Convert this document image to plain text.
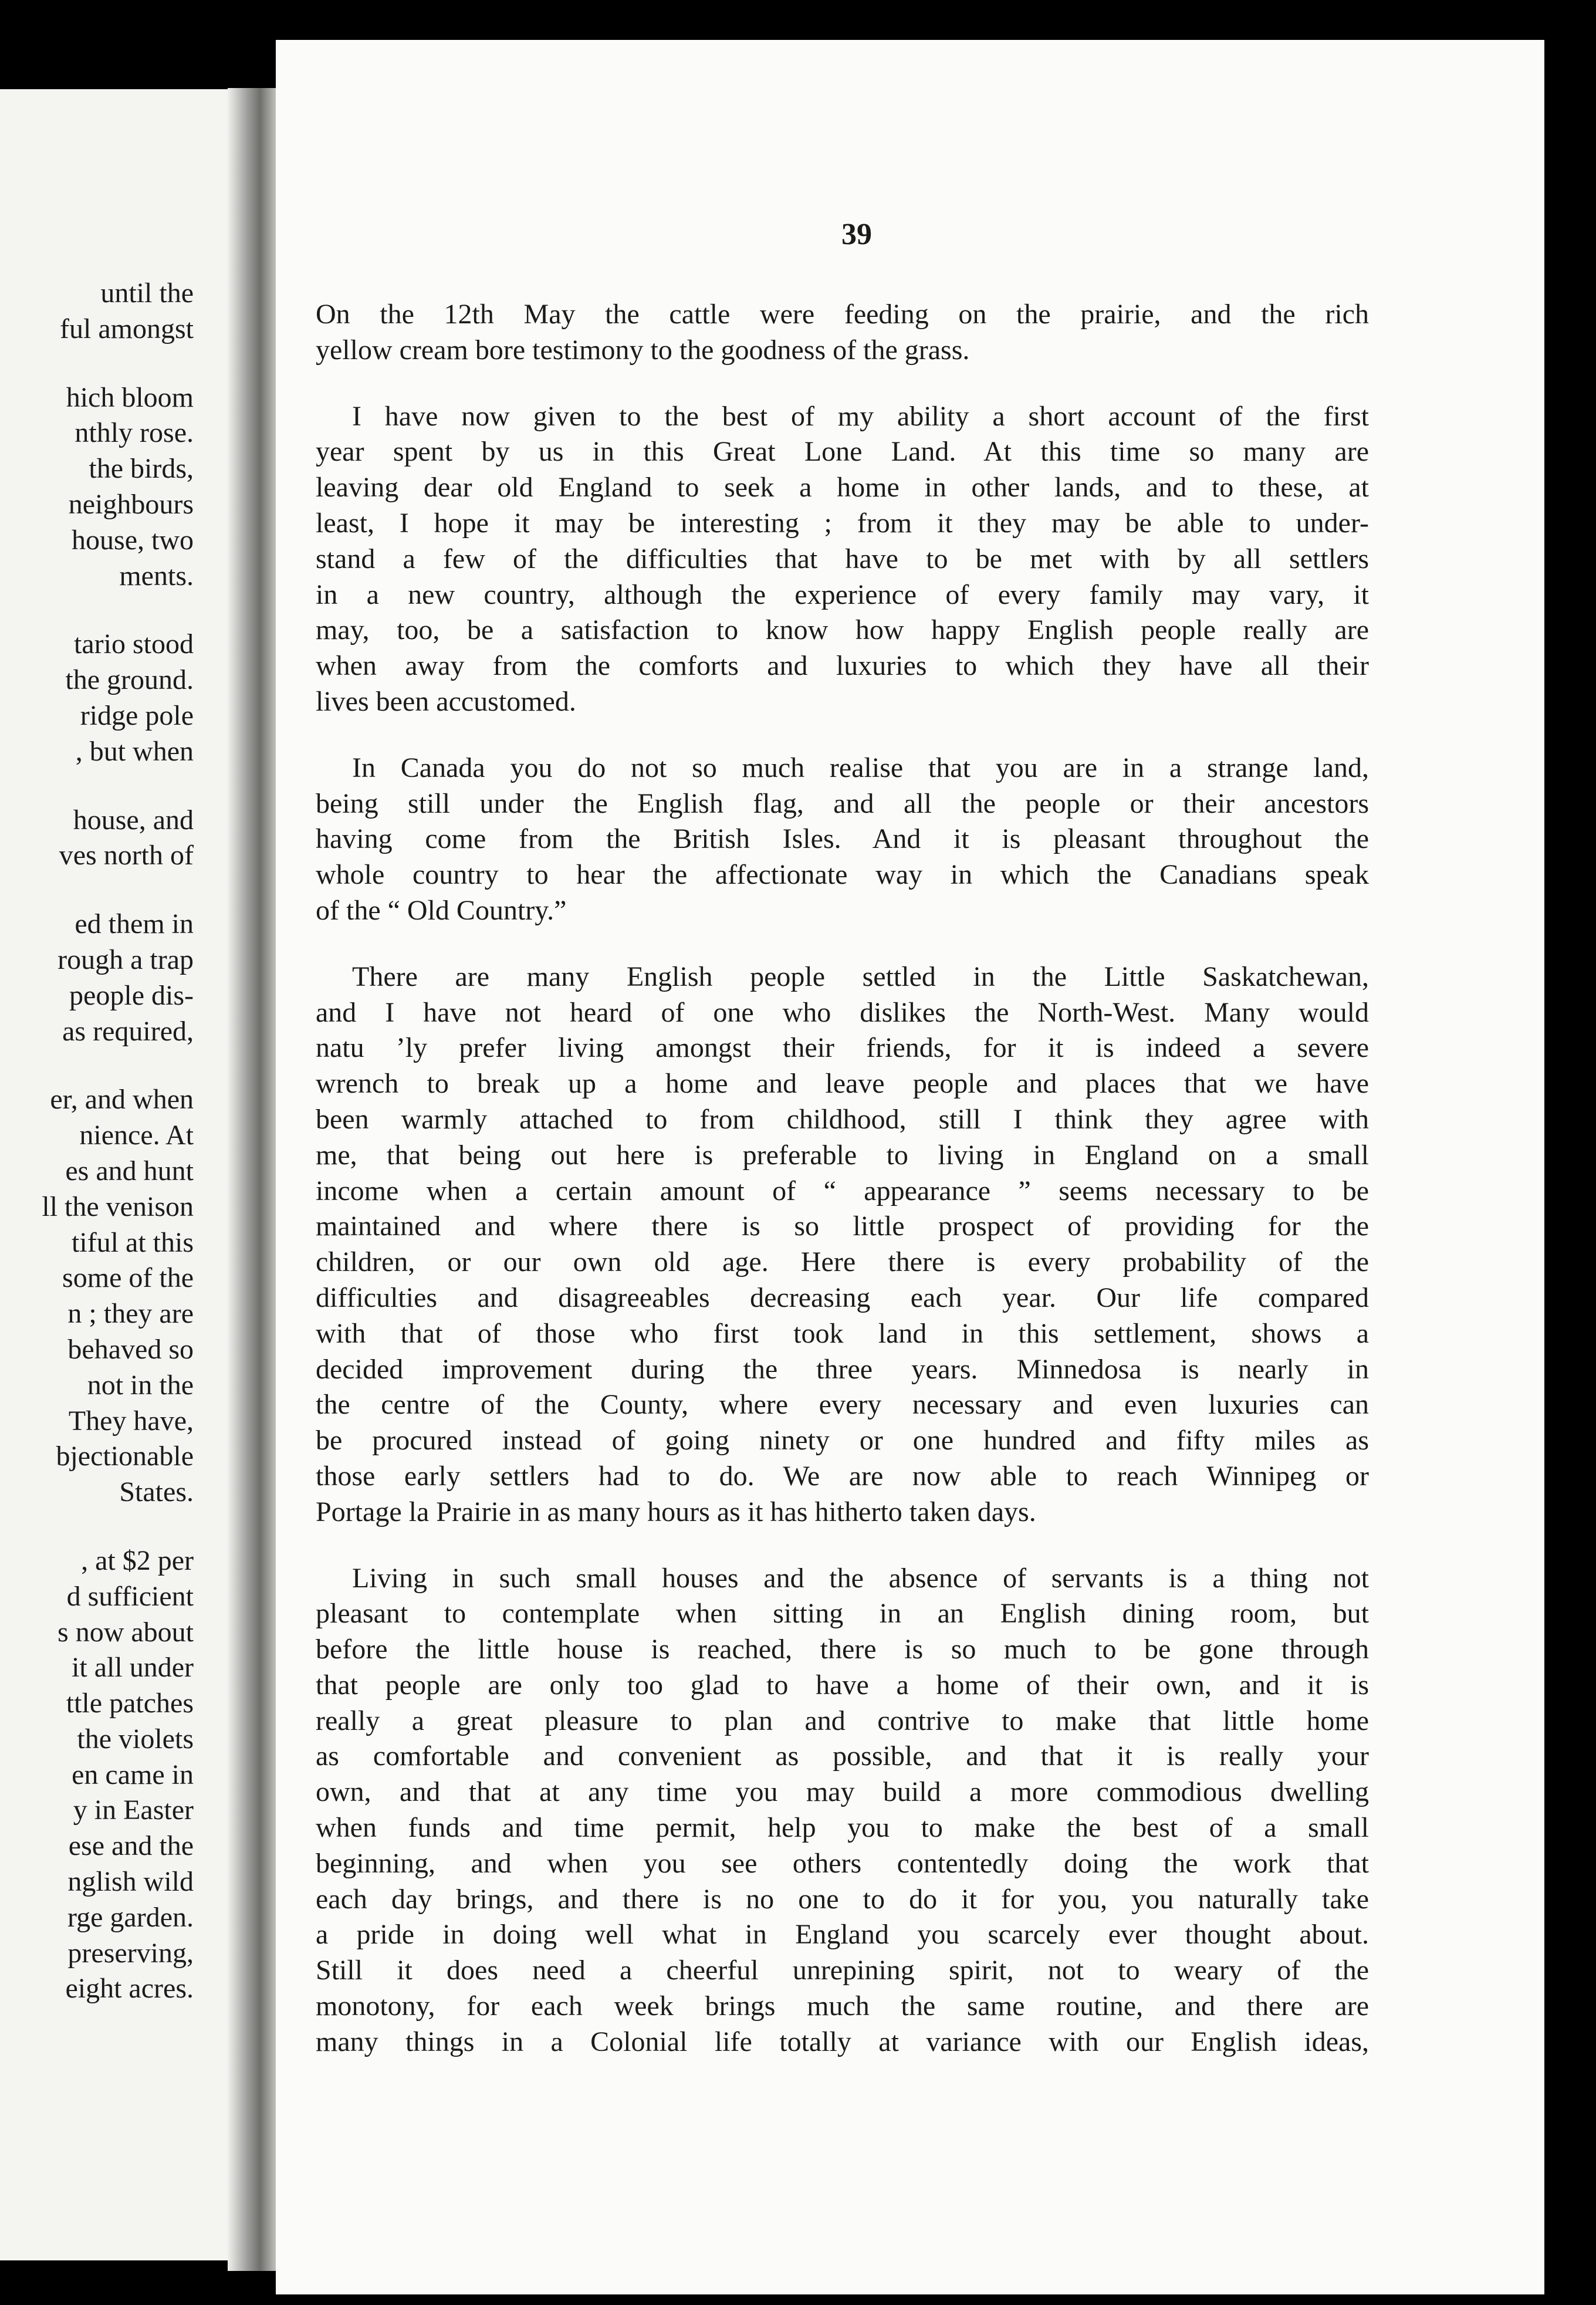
until the
ful amongst
hich bloom
nthly rose.
the birds,
neighbours
house, two
ments.
tario stood
the ground.
ridge pole
, but when
house, and
ves north of
ed them in
rough a trap
people dis-
as required,
er, and when
nience. At
es and hunt
ll the venison
tiful at this
some of the
n ; they are
behaved so
not in the
They have,
bjectionable
States.
, at $2 per
d sufficient
s now about
it all under
ttle patches
the violets
en came in
y in Easter
ese and the
nglish wild
rge garden.
preserving,
eight acres.
39

On the 12th May the cattle were feeding on the prairie, and the rich
yellow cream bore testimony to the goodness of the grass.

I have now given to the best of my ability a short account of the first
year spent by us in this Great Lone Land. At this time so many are
leaving dear old England to seek a home in other lands, and to these, at
least, I hope it may be interesting ; from it they may be able to under-
stand a few of the difficulties that have to be met with by all settlers
in a new country, although the experience of every family may vary, it
may, too, be a satisfaction to know how happy English people really are
when away from the comforts and luxuries to which they have all their
lives been accustomed.

In Canada you do not so much realise that you are in a strange land,
being still under the English flag, and all the people or their ancestors
having come from the British Isles. And it is pleasant throughout the
whole country to hear the affectionate way in which the Canadians speak
of the “ Old Country.”

There are many English people settled in the Little Saskatchewan,
and I have not heard of one who dislikes the North-West. Many would
natu ’ly prefer living amongst their friends, for it is indeed a severe
wrench to break up a home and leave people and places that we have
been warmly attached to from childhood, still I think they agree with
me, that being out here is preferable to living in England on a small
income when a certain amount of “ appearance ” seems necessary to be
maintained and where there is so little prospect of providing for the
children, or our own old age. Here there is every probability of the
difficulties and disagreeables decreasing each year. Our life compared
with that of those who first took land in this settlement, shows a
decided improvement during the three years. Minnedosa is nearly in
the centre of the County, where every necessary and even luxuries can
be procured instead of going ninety or one hundred and fifty miles as
those early settlers had to do. We are now able to reach Winnipeg or
Portage la Prairie in as many hours as it has hitherto taken days.

Living in such small houses and the absence of servants is a thing not
pleasant to contemplate when sitting in an English dining room, but
before the little house is reached, there is so much to be gone through
that people are only too glad to have a home of their own, and it is
really a great pleasure to plan and contrive to make that little home
as comfortable and convenient as possible, and that it is really your
own, and that at any time you may build a more commodious dwelling
when funds and time permit, help you to make the best of a small
beginning, and when you see others contentedly doing the work that
each day brings, and there is no one to do it for you, you naturally take
a pride in doing well what in England you scarcely ever thought about.
Still it does need a cheerful unrepining spirit, not to weary of the
monotony, for each week brings much the same routine, and there are
many things in a Colonial life totally at variance with our English ideas,
